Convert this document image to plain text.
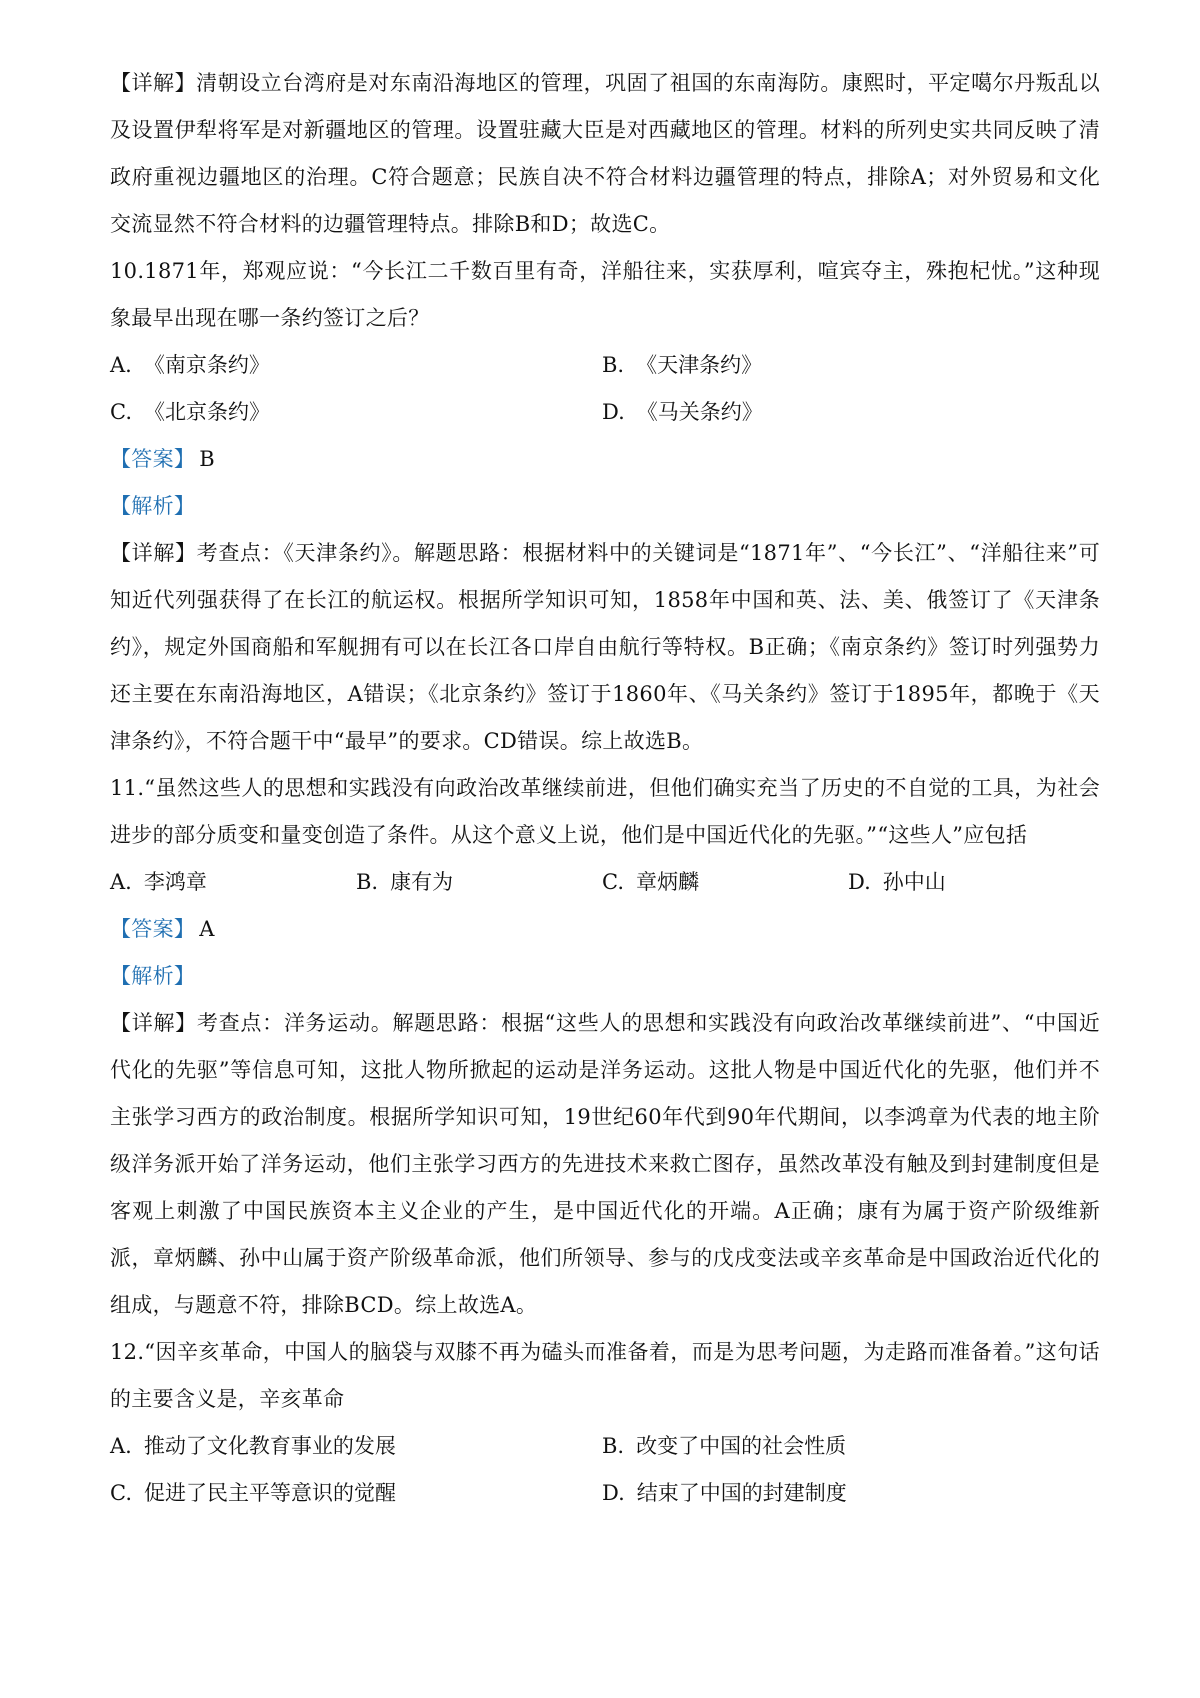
【详解】清朝设立台湾府是对东南沿海地区的管理，巩固了祖国的东南海防。康熙时，平定噶尔丹叛乱以及设置伊犁将军是对新疆地区的管理。设置驻藏大臣是对西藏地区的管理。材料的所列史实共同反映了清政府重视边疆地区的治理。C符合题意；民族自决不符合材料边疆管理的特点，排除A；对外贸易和文化交流显然不符合材料的边疆管理特点。排除B和D；故选C。

10.1871年，郑观应说：“今长江二千数百里有奇，洋船往来，实获厚利，喧宾夺主，殊抱杞忧。”这种现象最早出现在哪一条约签订之后？

A. 《南京条约》	B. 《天津条约》
C. 《北京条约》	D. 《马关条约》

【答案】 B

【解析】

【详解】考查点：《天津条约》。解题思路：根据材料中的关键词是“1871年”、“今长江”、“洋船往来”可知近代列强获得了在长江的航运权。根据所学知识可知，1858年中国和英、法、美、俄签订了《天津条约》，规定外国商船和军舰拥有可以在长江各口岸自由航行等特权。B正确；《南京条约》签订时列强势力还主要在东南沿海地区，A错误；《北京条约》签订于1860年、《马关条约》签订于1895年，都晚于《天津条约》，不符合题干中“最早”的要求。CD错误。综上故选B。

11.“虽然这些人的思想和实践没有向政治改革继续前进，但他们确实充当了历史的不自觉的工具，为社会进步的部分质变和量变创造了条件。从这个意义上说，他们是中国近代化的先驱。”“这些人”应包括

A. 李鸿章	B. 康有为	C. 章炳麟	D. 孙中山

【答案】 A

【解析】

【详解】考查点：洋务运动。解题思路：根据“这些人的思想和实践没有向政治改革继续前进”、“中国近代化的先驱”等信息可知，这批人物所掀起的运动是洋务运动。这批人物是中国近代化的先驱，他们并不主张学习西方的政治制度。根据所学知识可知，19世纪60年代到90年代期间，以李鸿章为代表的地主阶级洋务派开始了洋务运动，他们主张学习西方的先进技术来救亡图存，虽然改革没有触及到封建制度但是客观上刺激了中国民族资本主义企业的产生，是中国近代化的开端。A正确；康有为属于资产阶级维新派，章炳麟、孙中山属于资产阶级革命派，他们所领导、参与的戊戌变法或辛亥革命是中国政治近代化的组成，与题意不符，排除BCD。综上故选A。

12.“因辛亥革命，中国人的脑袋与双膝不再为磕头而准备着，而是为思考问题，为走路而准备着。”这句话的主要含义是，辛亥革命

A. 推动了文化教育事业的发展	B. 改变了中国的社会性质
C. 促进了民主平等意识的觉醒	D. 结束了中国的封建制度
